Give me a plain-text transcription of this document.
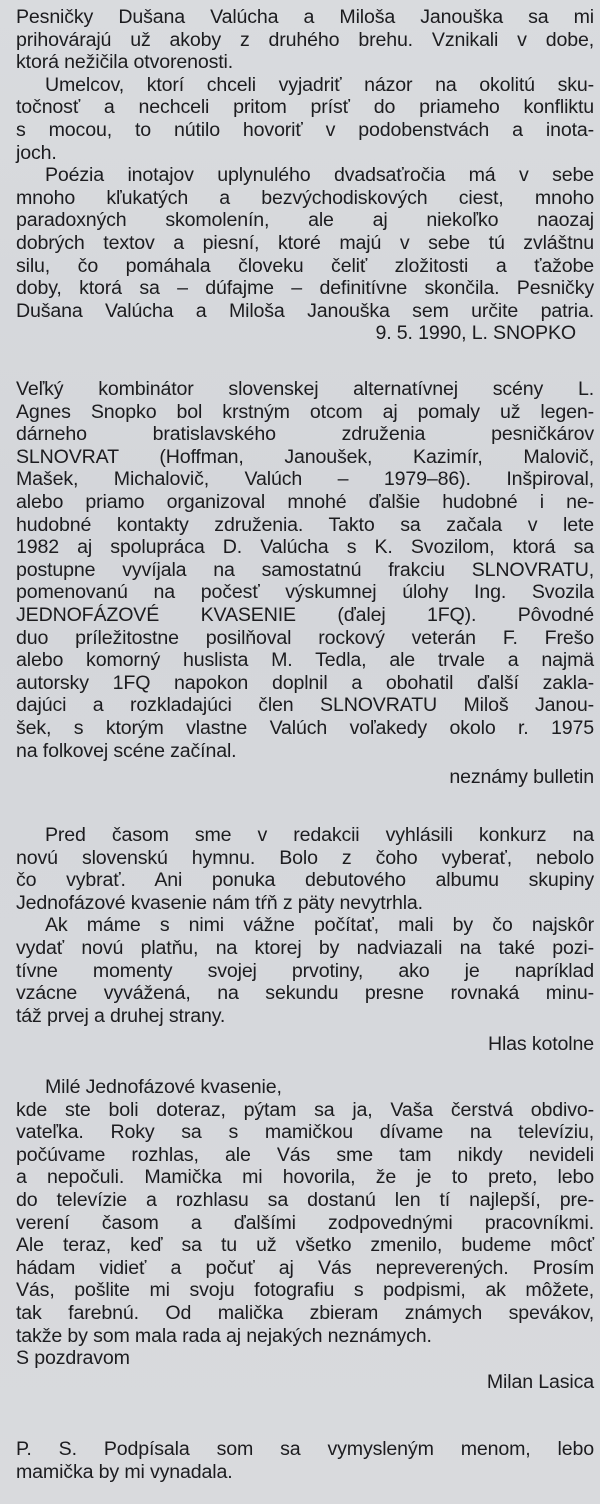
Pesničky Dušana Valúcha a Miloša Janouška sa mi
prihovárajú už akoby z druhého brehu. Vznikali v dobe,
ktorá nežičila otvorenosti.
Umelcov, ktorí chceli vyjadriť názor na okolitú sku-
točnosť a nechceli pritom prísť do priameho konfliktu
s mocou, to nútilo hovoriť v podobenstvách a inota-
joch.
Poézia inotajov uplynulého dvadsaťročia má v sebe
mnoho kľukatých a bezvýchodiskových ciest, mnoho
paradoxných skomolenín, ale aj niekoľko naozaj
dobrých textov a piesní, ktoré majú v sebe tú zvláštnu
silu, čo pomáhala človeku čeliť zložitosti a ťažobe
doby, ktorá sa – dúfajme – definitívne skončila. Pesničky
Dušana Valúcha a Miloša Janouška sem určite patria.
9. 5. 1990, L. SNOPKO
Veľký kombinátor slovenskej alternatívnej scény L.
Agnes Snopko bol krstným otcom aj pomaly už legen-
dárneho bratislavského združenia pesničkárov
SLNOVRAT (Hoffman, Janoušek, Kazimír, Malovič,
Mašek, Michalovič, Valúch – 1979–86). Inšpiroval,
alebo priamo organizoval mnohé ďalšie hudobné i ne-
hudobné kontakty združenia. Takto sa začala v lete
1982 aj spolupráca D. Valúcha s K. Svozilom, ktorá sa
postupne vyvíjala na samostatnú frakciu SLNOVRATU,
pomenovanú na počesť výskumnej úlohy Ing. Svozila
JEDNOFÁZOVÉ KVASENIE (ďalej 1FQ). Pôvodné
duo príležitostne posilňoval rockový veterán F. Frešo
alebo komorný huslista M. Tedla, ale trvale a najmä
autorsky 1FQ napokon doplnil a obohatil ďalší zakla-
dajúci a rozkladajúci člen SLNOVRATU Miloš Janou-
šek, s ktorým vlastne Valúch voľakedy okolo r. 1975
na folkovej scéne začínal.
neznámy bulletin
Pred časom sme v redakcii vyhlásili konkurz na
novú slovenskú hymnu. Bolo z čoho vyberať, nebolo
čo vybrať. Ani ponuka debutového albumu skupiny
Jednofázové kvasenie nám tŕň z päty nevytrhla.
Ak máme s nimi vážne počítať, mali by čo najskôr
vydať novú platňu, na ktorej by nadviazali na také pozi-
tívne momenty svojej prvotiny, ako je napríklad
vzácne vyvážená, na sekundu presne rovnaká minu-
táž prvej a druhej strany.
Hlas kotolne
Milé Jednofázové kvasenie,
kde ste boli doteraz, pýtam sa ja, Vaša čerstvá obdivo-
vateľka. Roky sa s mamičkou dívame na televíziu,
počúvame rozhlas, ale Vás sme tam nikdy nevideli
a nepočuli. Mamička mi hovorila, že je to preto, lebo
do televízie a rozhlasu sa dostanú len tí najlepší, pre-
verení časom a ďalšími zodpovednými pracovníkmi.
Ale teraz, keď sa tu už všetko zmenilo, budeme môcť
hádam vidieť a počuť aj Vás nepreverených. Prosím
Vás, pošlite mi svoju fotografiu s podpismi, ak môžete,
tak farebnú. Od malička zbieram známych spevákov,
takže by som mala rada aj nejakých neznámych.
S pozdravom
Milan Lasica
P. S. Podpísala som sa vymysleným menom, lebo
mamička by mi vynadala.
